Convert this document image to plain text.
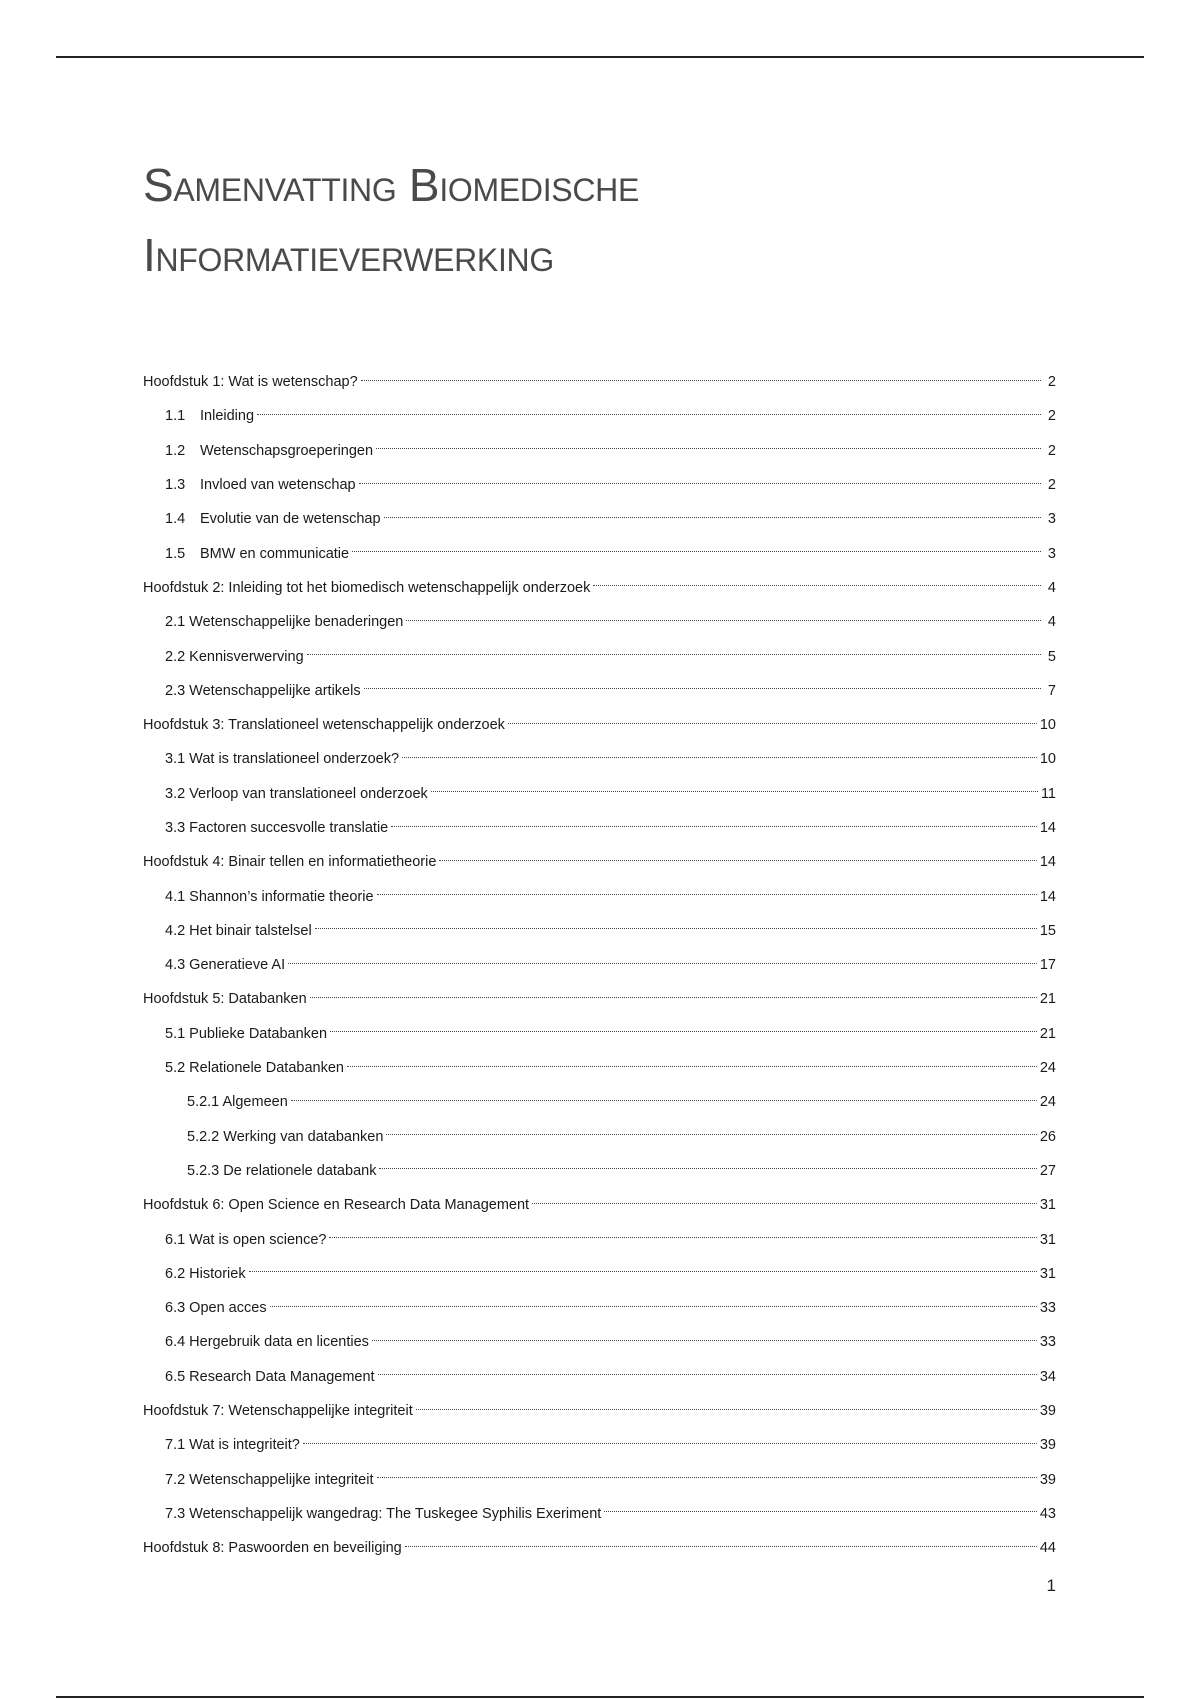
Samenvatting Biomedische
Informatieverwerking
Hoofdstuk 1: Wat is wetenschap?	2
1.1 Inleiding	2
1.2 Wetenschapsgroeperingen	2
1.3 Invloed van wetenschap	2
1.4 Evolutie van de wetenschap	3
1.5 BMW en communicatie	3
Hoofdstuk 2: Inleiding tot het biomedisch wetenschappelijk onderzoek	4
2.1 Wetenschappelijke benaderingen	4
2.2 Kennisverwerving	5
2.3 Wetenschappelijke artikels	7
Hoofdstuk 3: Translationeel wetenschappelijk onderzoek	10
3.1 Wat is translationeel onderzoek?	10
3.2 Verloop van translationeel onderzoek	11
3.3 Factoren succesvolle translatie	14
Hoofdstuk 4: Binair tellen en informatietheorie	14
4.1 Shannon’s informatie theorie	14
4.2 Het binair talstelsel	15
4.3 Generatieve AI	17
Hoofdstuk 5: Databanken	21
5.1 Publieke Databanken	21
5.2 Relationele Databanken	24
5.2.1 Algemeen	24
5.2.2 Werking van databanken	26
5.2.3 De relationele databank	27
Hoofdstuk 6: Open Science en Research Data Management	31
6.1 Wat is open science?	31
6.2 Historiek	31
6.3 Open acces	33
6.4 Hergebruik data en licenties	33
6.5 Research Data Management	34
Hoofdstuk 7: Wetenschappelijke integriteit	39
7.1 Wat is integriteit?	39
7.2 Wetenschappelijke integriteit	39
7.3 Wetenschappelijk wangedrag: The Tuskegee Syphilis Exeriment	43
Hoofdstuk 8: Paswoorden en beveiliging	44
1
